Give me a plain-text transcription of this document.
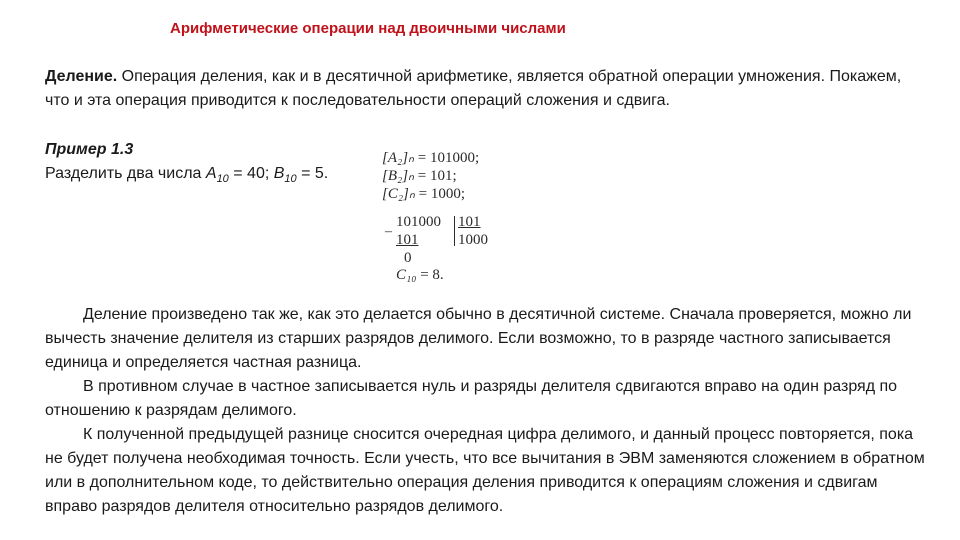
Арифметические операции над двоичными числами

Деление. Операция деления, как и в десятичной арифметике, является обратной операции умножения. Покажем, что и эта операция приводится к последовательности операций сложения и сдвига.

Пример 1.3
Разделить два числа $A_{10} = 40$; $B_{10} = 5$.
[A₂]ₙ = 101000;
[B₂]ₙ = 101;
[C₂]ₙ = 1000;
–
101000 101
101	1000
0
C₁₀ = 8.

Деление произведено так же, как это делается обычно в десятичной системе. Сначала проверяется, можно ли вычесть значение делителя из старших разрядов делимого. Если возможно, то в разряде частного записывается единица и определяется частная разница.

В противном случае в частное записывается нуль и разряды делителя сдвигаются вправо на один разряд по отношению к разрядам делимого.

К полученной предыдущей разнице сносится очередная цифра делимого, и данный процесс повторяется, пока не будет получена необходимая точность. Если учесть, что все вычитания в ЭВМ заменяются сложением в обратном или в дополнительном коде, то действительно операция деления приводится к операциям сложения и сдвигам вправо разрядов делителя относительно разрядов делимого.
